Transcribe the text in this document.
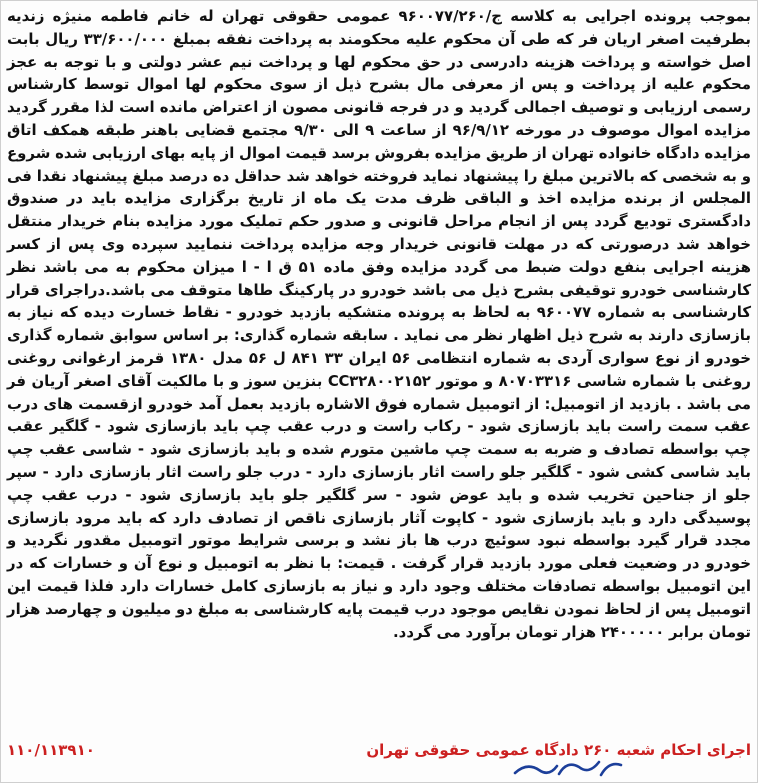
بموجب پرونده اجرایی به کلاسه ج/۹۶۰۰۷۷/۲۶۰ عمومی حقوقی تهران له خانم فاطمه منیژه زندیه بطرفیت اصغر اریان فر که طی آن محکوم علیه محکومند به پرداخت نفقه بمبلغ ۳۳/۶۰۰/۰۰۰ ریال بابت اصل خواسته و پرداخت هزینه دادرسی در حق محکوم لها و پرداخت نیم عشر دولتی و با توجه به عجز محکوم علیه از پرداخت و پس از معرفی مال بشرح ذیل از سوی محکوم لها اموال توسط کارشناس رسمی ارزیابی و توصیف اجمالی گردید و در فرجه قانونی مصون از اعتراض مانده است لذا مقرر گردید مزایده اموال موصوف در مورخه ۹۶/۹/۱۲ از ساعت ۹ الی ۹/۳۰ مجتمع قضایی باهنر طبقه همکف اتاق مزایده دادگاه خانواده تهران از طریق مزایده بفروش برسد قیمت اموال از پایه بهای ارزیابی شده شروع و به شخصی که بالاترین مبلغ را پیشنهاد نماید فروخته خواهد شد حداقل ده درصد مبلغ پیشنهاد نقدا فی المجلس از برنده مزایده اخذ و الباقی ظرف مدت یک ماه از تاریخ برگزاری مزایده باید در صندوق دادگستری تودیع گردد پس از انجام مراحل قانونی و صدور حکم تملیک مورد مزایده بنام خریدار منتقل خواهد شد درصورتی که در مهلت قانونی خریدار وجه مزایده پرداخت ننمایید سپرده وی پس از کسر هزینه اجرایی بنفع دولت ضبط می گردد مزایده وفق ماده ۵۱ ق ا - ا میزان محکوم به می باشد نظر کارشناسی خودرو توقیفی بشرح ذیل می باشد خودرو در پارکینگ طاها متوقف می باشد.دراجرای قرار کارشناسی به شماره ۹۶۰۰۷۷ به لحاظ به پرونده متشکیه بازدید خودرو - نقاط خسارت دیده که نیاز به بازسازی دارند به شرح ذیل اظهار نظر می نماید . سابقه شماره گذاری: بر اساس سوابق شماره گذاری خودرو از نوع سواری آردی به شماره انتظامی ۵۶ ایران ۳۳ ۸۴۱ ل ۵۶ مدل ۱۳۸۰ قرمز ارغوانی روغنی روغنی با شماره شاسی ۸۰۷۰۳۳۱۶ و موتور CC۳۲۸۰۰۲۱۵۲ بنزین سوز و با مالکیت آقای اصغر آریان فر می باشد . بازدید از اتومبیل: از اتومبیل شماره فوق الاشاره بازدید بعمل آمد خودرو ازقسمت های درب عقب سمت راست باید بازسازی شود - رکاب راست و درب عقب چپ باید بازسازی شود - گلگیر عقب چپ بواسطه تصادف و ضربه به سمت چپ ماشین متورم شده و باید بازسازی شود - شاسی عقب چپ باید شاسی کشی شود - گلگیر جلو راست اثار بازسازی دارد - درب جلو راست اثار بازسازی دارد - سپر جلو از جناحین تخریب شده و باید عوض شود - سر گلگیر جلو باید بازسازی شود - درب عقب چپ پوسیدگی دارد و باید بازسازی شود - کاپوت آثار بازسازی ناقص از تصادف دارد که باید مرود بازسازی مجدد قرار گیرد بواسطه نبود سوئیچ درب ها باز نشد و برسی شرایط موتور اتومبیل مقدور نگردید و خودرو در وضعیت فعلی مورد بازدید قرار گرفت . قیمت: با نظر به اتومبیل و نوع آن و خسارات که در این اتومبیل بواسطه تصادفات مختلف وجود دارد و نیاز به بازسازی کامل خسارات دارد فلذا قیمت این اتومبیل پس از لحاظ نمودن نقایص موجود درب قیمت پایه کارشناسی به مبلغ دو میلیون و چهارصد هزار تومان برابر ۲۴۰۰۰۰۰ هزار تومان برآورد می گردد.
اجرای احکام شعبه ۲۶۰ دادگاه عمومی حقوقی تهران
۱۱۰/۱۱۳۹۱۰
